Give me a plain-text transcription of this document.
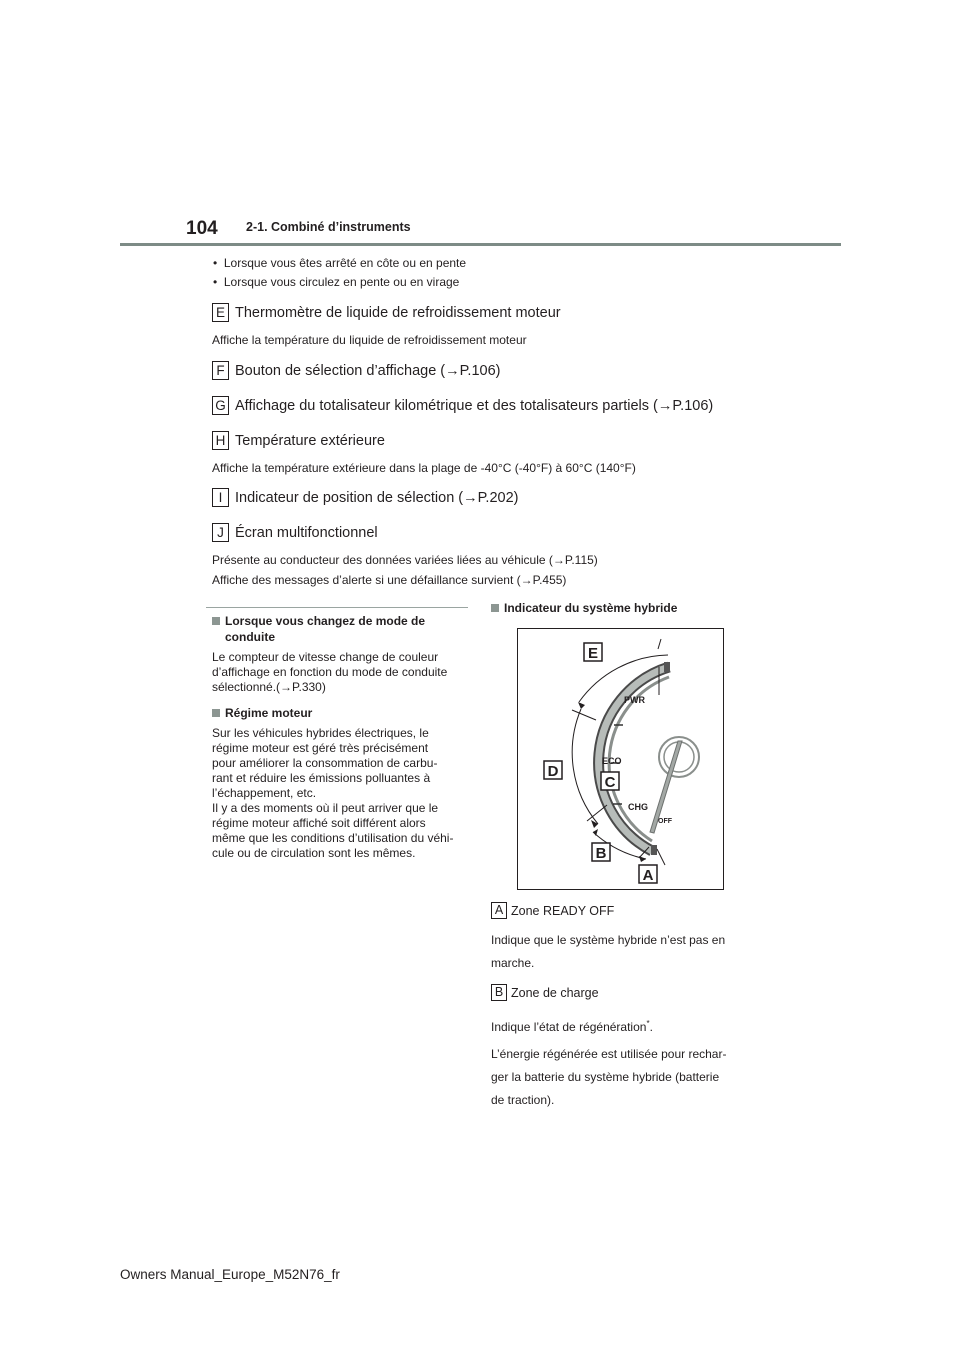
104 2-1. Combiné d’instruments
•  Lorsque vous êtes arrêté en côte ou en pente
•  Lorsque vous circulez en pente ou en virage
E Thermomètre de liquide de refroidissement moteur
Affiche la température du liquide de refroidissement moteur
F Bouton de sélection d’affichage (→P.106)
G Affichage du totalisateur kilométrique et des totalisateurs partiels (→P.106)
H Température extérieure
Affiche la température extérieure dans la plage de -40°C (-40°F) à 60°C (140°F)
I Indicateur de position de sélection (→P.202)
J Écran multifonctionnel
Présente au conducteur des données variées liées au véhicule (→P.115)
Affiche des messages d’alerte si une défaillance survient (→P.455)
Lorsque vous changez de mode de
conduite
Le compteur de vitesse change de couleur
d’affichage en fonction du mode de conduite
sélectionné.(→P.330)
Régime moteur
Sur les véhicules hybrides électriques, le
régime moteur est géré très précisément
pour améliorer la consommation de carbu-
rant et réduire les émissions polluantes à
l’échappement, etc.
Il y a des moments où il peut arriver que le
régime moteur affiché soit différent alors
même que les conditions d’utilisation du véhi-
cule ou de circulation sont les mêmes.
Indicateur du système hybride
E
D
C
B
A
PWR
ECO
CHG
OFF
A Zone READY OFF
Indique que le système hybride n’est pas en
marche.
B Zone de charge
Indique l’état de régénération*.
L’énergie régénérée est utilisée pour rechar-
ger la batterie du système hybride (batterie
de traction).
Owners Manual_Europe_M52N76_fr
